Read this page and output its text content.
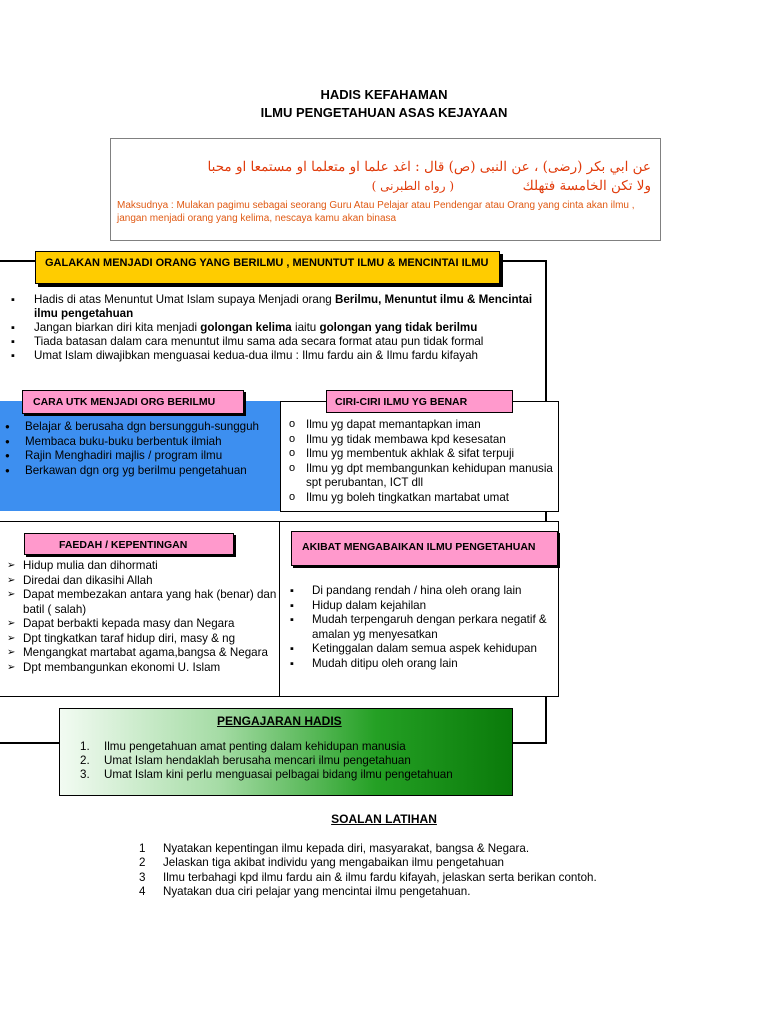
HADIS KEFAHAMAN
ILMU PENGETAHUAN ASAS KEJAYAAN
عن ابي بكر (رضى) ، عن النبى (ص) قال : اغد علما او متعلما او مستمعا او محبا
ولا تكن الخامسة فتهلك  ( رواه الطبرنى )
Maksudnya : Mulakan pagimu sebagai seorang Guru Atau Pelajar atau Pendengar atau Orang yang cinta akan ilmu , jangan menjadi orang yang kelima, nescaya kamu akan binasa
GALAKAN MENJADI ORANG YANG BERILMU , MENUNTUT ILMU & MENCINTAI ILMU
▪ Hadis di atas Menuntut Umat Islam supaya Menjadi orang Berilmu, Menuntut ilmu & Mencintai ilmu pengetahuan
▪ Jangan biarkan diri kita menjadi golongan kelima iaitu golongan yang tidak berilmu
▪ Tiada batasan dalam cara menuntut ilmu sama ada secara format atau pun tidak formal
▪ Umat Islam diwajibkan menguasai kedua-dua ilmu : Ilmu fardu ain & Ilmu fardu kifayah
CARA UTK MENJADI ORG BERILMU
● Belajar & berusaha dgn bersungguh-sungguh
● Membaca buku-buku berbentuk ilmiah
● Rajin Menghadiri majlis / program ilmu
● Berkawan dgn org yg berilmu pengetahuan
CIRI-CIRI ILMU YG BENAR
o Ilmu yg dapat memantapkan iman
o Ilmu yg tidak membawa kpd kesesatan
o Ilmu yg membentuk akhlak & sifat terpuji
o Ilmu yg dpt membangunkan kehidupan manusia spt perubantan, ICT dll
o Ilmu yg boleh tingkatkan martabat umat
FAEDAH / KEPENTINGAN
➢ Hidup mulia dan dihormati
➢ Diredai dan dikasihi Allah
➢ Dapat membezakan antara yang hak (benar) dan batil ( salah)
➢ Dapat berbakti kepada masy dan Negara
➢ Dpt tingkatkan taraf hidup diri, masy & ng
➢ Mengangkat martabat agama,bangsa & Negara
➢ Dpt membangunkan ekonomi U. Islam
AKIBAT MENGABAIKAN ILMU PENGETAHUAN
▪ Di pandang rendah / hina oleh orang lain
▪ Hidup dalam kejahilan
▪ Mudah terpengaruh dengan perkara negatif & amalan yg menyesatkan
▪ Ketinggalan dalam semua aspek kehidupan
▪ Mudah ditipu oleh orang lain
PENGAJARAN HADIS
1. Ilmu pengetahuan amat penting dalam kehidupan manusia
2. Umat Islam hendaklah berusaha mencari ilmu pengetahuan
3. Umat Islam kini perlu menguasai pelbagai bidang ilmu pengetahuan
SOALAN LATIHAN
1 Nyatakan kepentingan ilmu kepada diri, masyarakat, bangsa & Negara.
2 Jelaskan tiga akibat individu yang mengabaikan ilmu pengetahuan
3 Ilmu terbahagi kpd ilmu fardu ain & ilmu fardu kifayah, jelaskan serta berikan contoh.
4 Nyatakan dua ciri pelajar yang mencintai ilmu pengetahuan.
